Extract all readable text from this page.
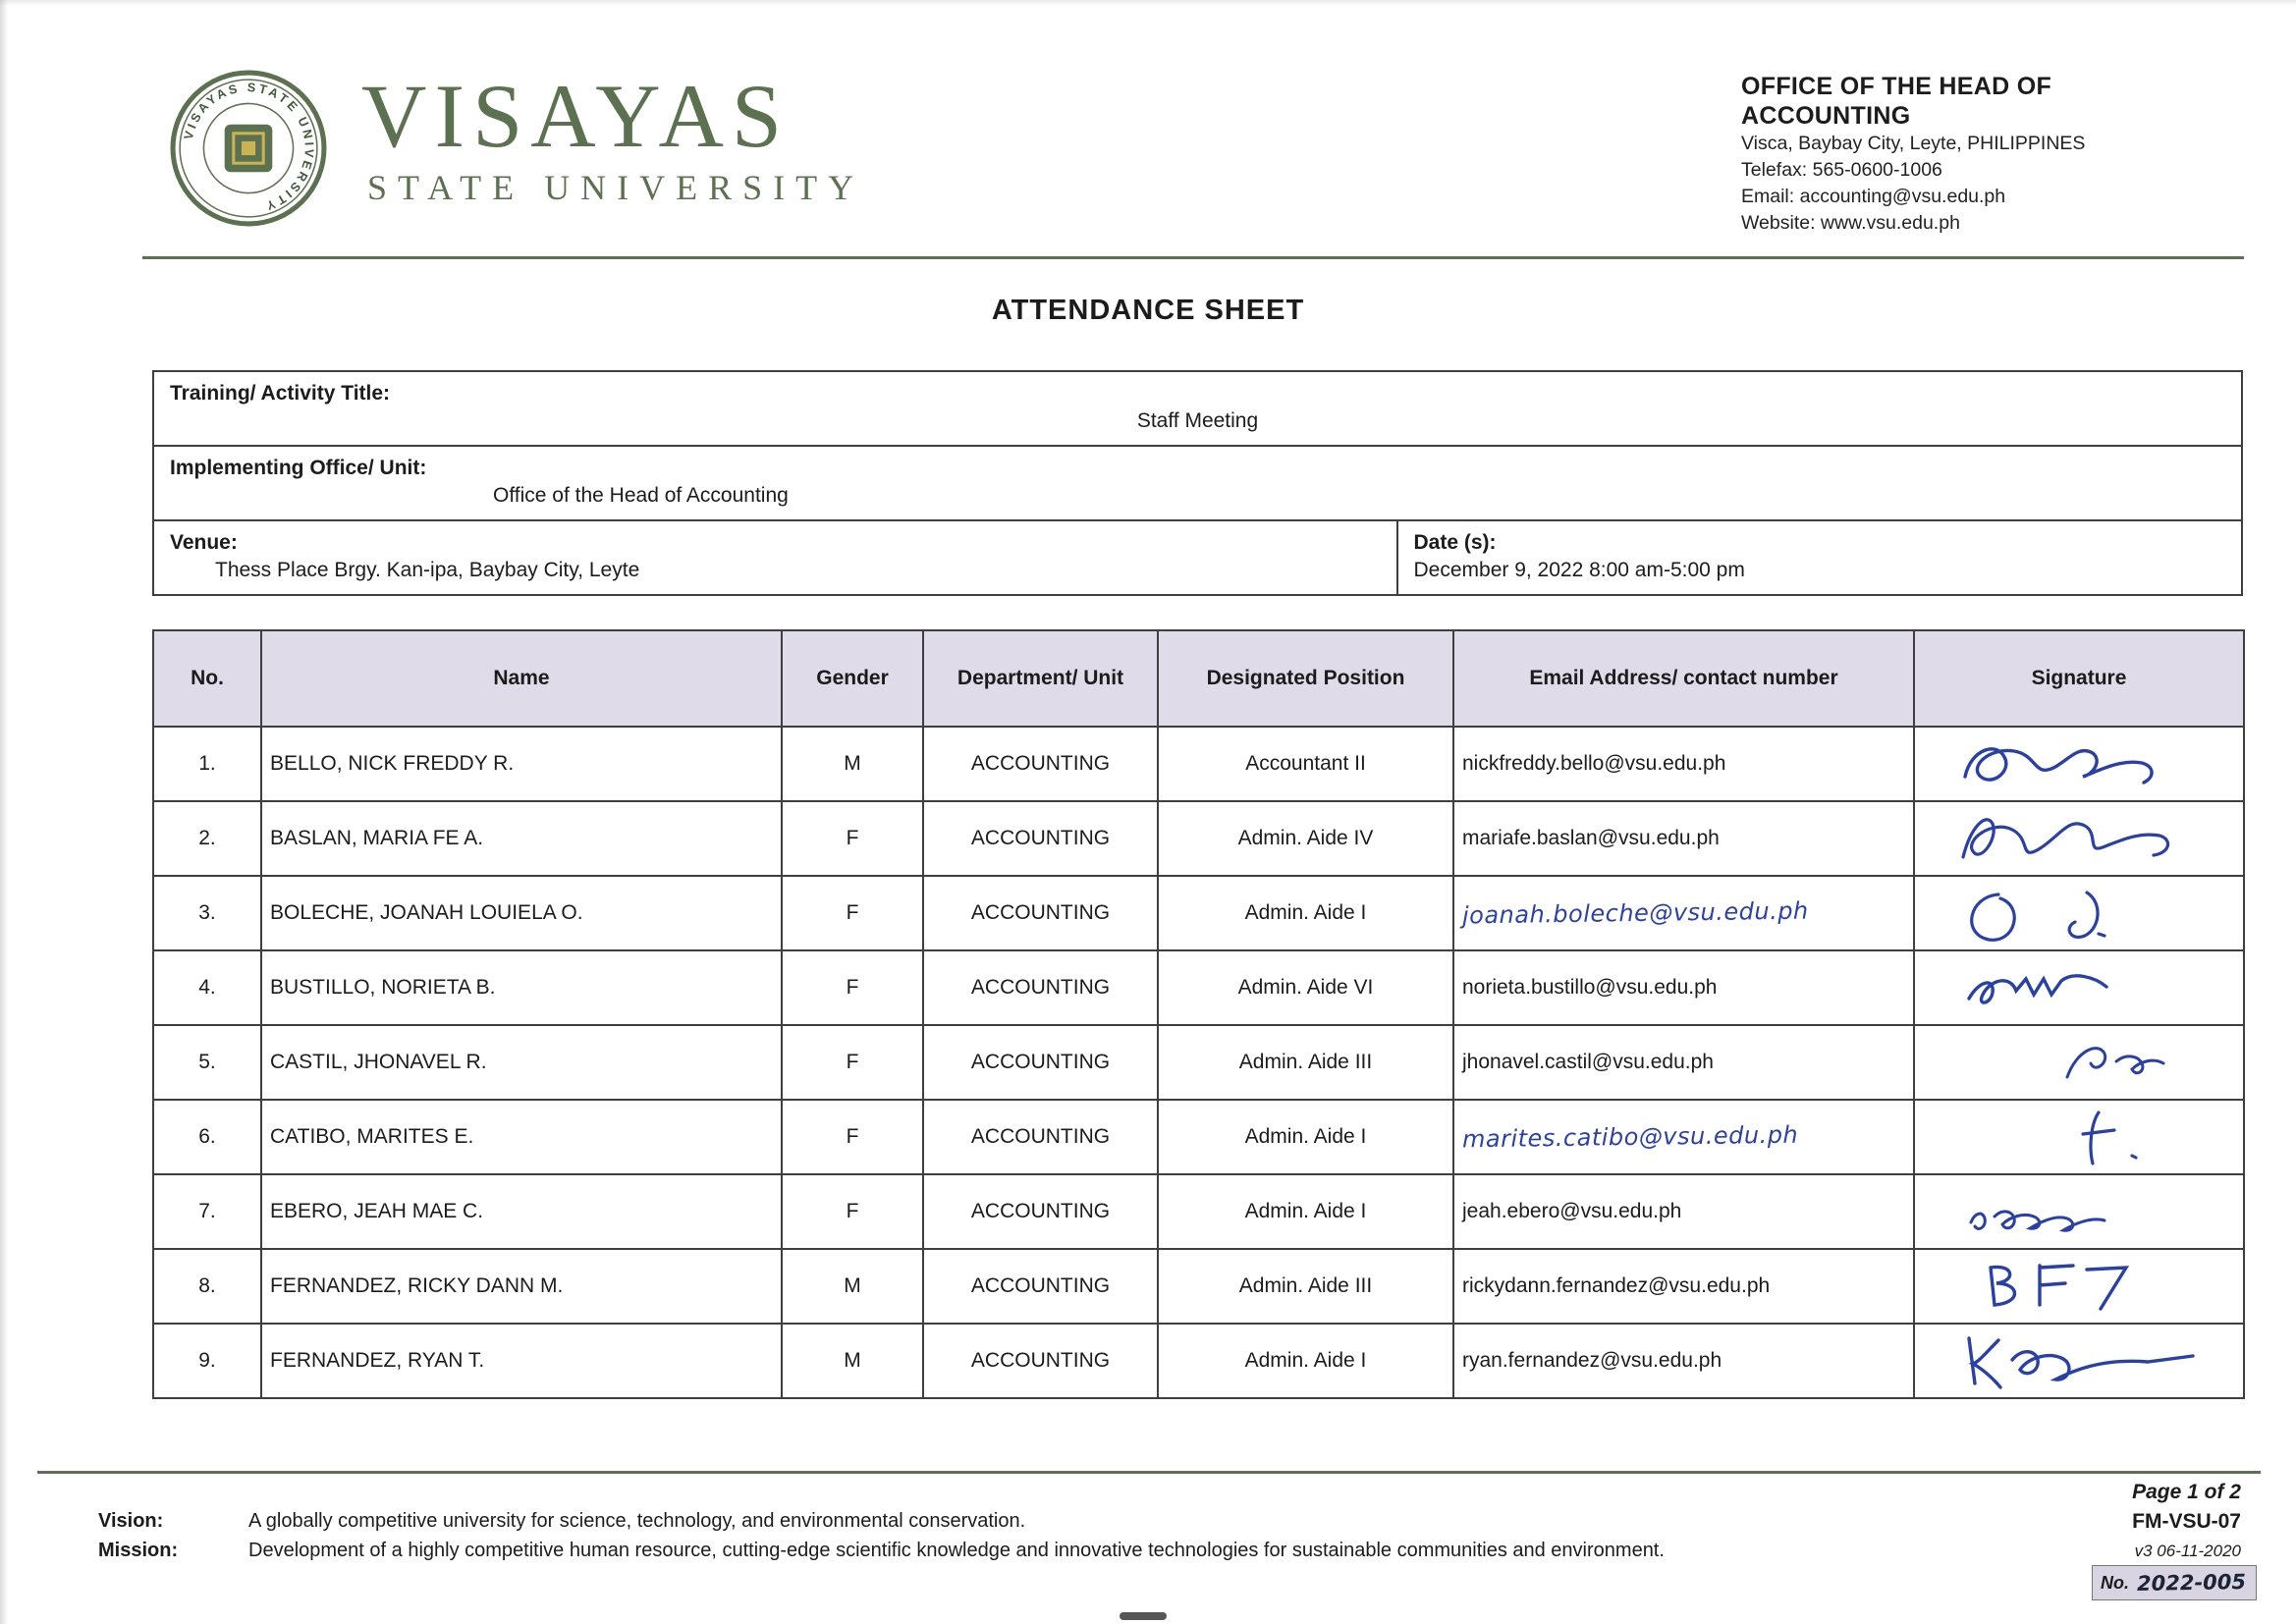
VISAYAS STATE UNIVERSITY
VISAYAS
STATE UNIVERSITY
OFFICE OF THE HEAD OF ACCOUNTING
Visca, Baybay City, Leyte, PHILIPPINES
Telefax: 565-0600-1006
Email: accounting@vsu.edu.ph
Website: www.vsu.edu.ph
ATTENDANCE SHEET
Training/ Activity Title:
Staff Meeting
Implementing Office/ Unit:
Office of the Head of Accounting
Venue:
Thess Place Brgy. Kan-ipa, Baybay City, Leyte
Date (s):
December 9, 2022 8:00 am-5:00 pm
No.	Name	Gender	Department/ Unit	Designated Position	Email Address/ contact number	Signature
1.	BELLO, NICK FREDDY R.	M	ACCOUNTING	Accountant II	nickfreddy.bello@vsu.edu.ph	

2.	BASLAN, MARIA FE A.	F	ACCOUNTING	Admin. Aide IV	mariafe.baslan@vsu.edu.ph	

3.	BOLECHE, JOANAH LOUIELA O.	F	ACCOUNTING	Admin. Aide I	joanah.boleche@vsu.edu.ph	

4.	BUSTILLO, NORIETA B.	F	ACCOUNTING	Admin. Aide VI	norieta.bustillo@vsu.edu.ph	

5.	CASTIL, JHONAVEL R.	F	ACCOUNTING	Admin. Aide III	jhonavel.castil@vsu.edu.ph	

6.	CATIBO, MARITES E.	F	ACCOUNTING	Admin. Aide I	marites.catibo@vsu.edu.ph	

7.	EBERO, JEAH MAE C.	F	ACCOUNTING	Admin. Aide I	jeah.ebero@vsu.edu.ph	

8.	FERNANDEZ, RICKY DANN M.	M	ACCOUNTING	Admin. Aide III	rickydann.fernandez@vsu.edu.ph	

9.	FERNANDEZ, RYAN T.	M	ACCOUNTING	Admin. Aide I	ryan.fernandez@vsu.edu.ph	
Page 1 of 2
Vision:	A globally competitive university for science, technology, and environmental conservation.	FM-VSU-07
Mission:	Development of a highly competitive human resource, cutting-edge scientific knowledge and innovative technologies for sustainable communities and environment.	v3 06-11-2020
No. 2022-005
